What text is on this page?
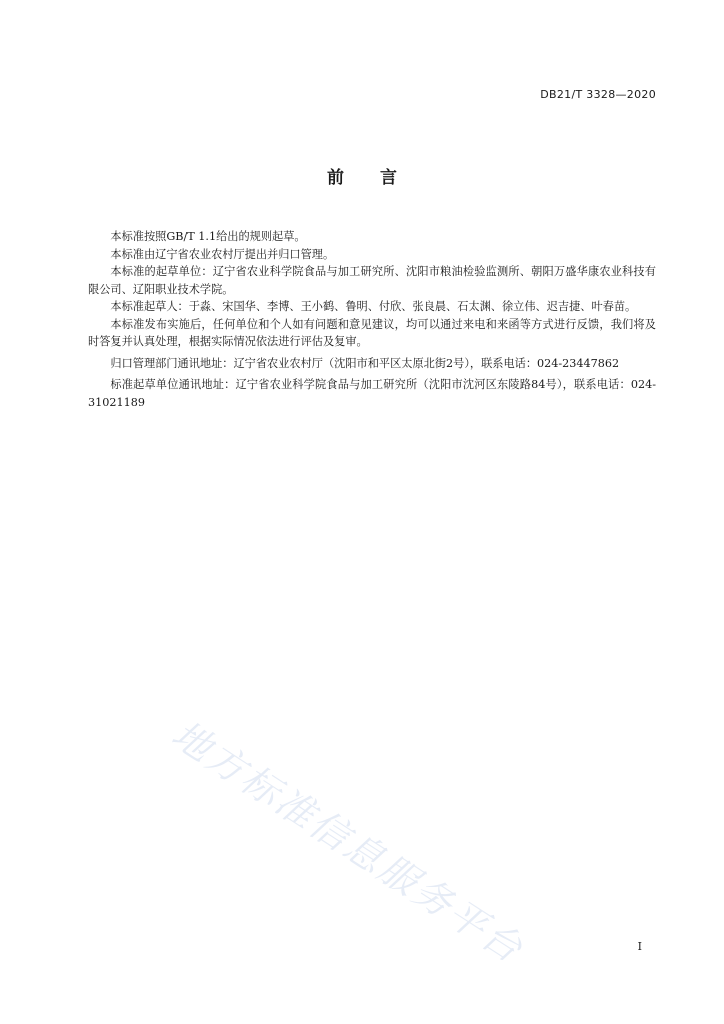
DB21/T 3328—2020
前言

本标准按照GB/T 1.1给出的规则起草。

本标准由辽宁省农业农村厅提出并归口管理。

本标准的起草单位：辽宁省农业科学院食品与加工研究所、沈阳市粮油检验监测所、朝阳万盛华康农业科技有限公司、辽阳职业技术学院。

本标准起草人：于淼、宋国华、李博、王小鹤、鲁明、付欣、张良晨、石太渊、徐立伟、迟吉捷、叶春苗。

本标准发布实施后，任何单位和个人如有问题和意见建议，均可以通过来电和来函等方式进行反馈，我们将及时答复并认真处理，根据实际情况依法进行评估及复审。

归口管理部门通讯地址：辽宁省农业农村厅（沈阳市和平区太原北街2号），联系电话：024-23447862

标准起草单位通讯地址：辽宁省农业科学院食品与加工研究所（沈阳市沈河区东陵路84号），联系电话：024-31021189

地方标准信息服务平台	I
